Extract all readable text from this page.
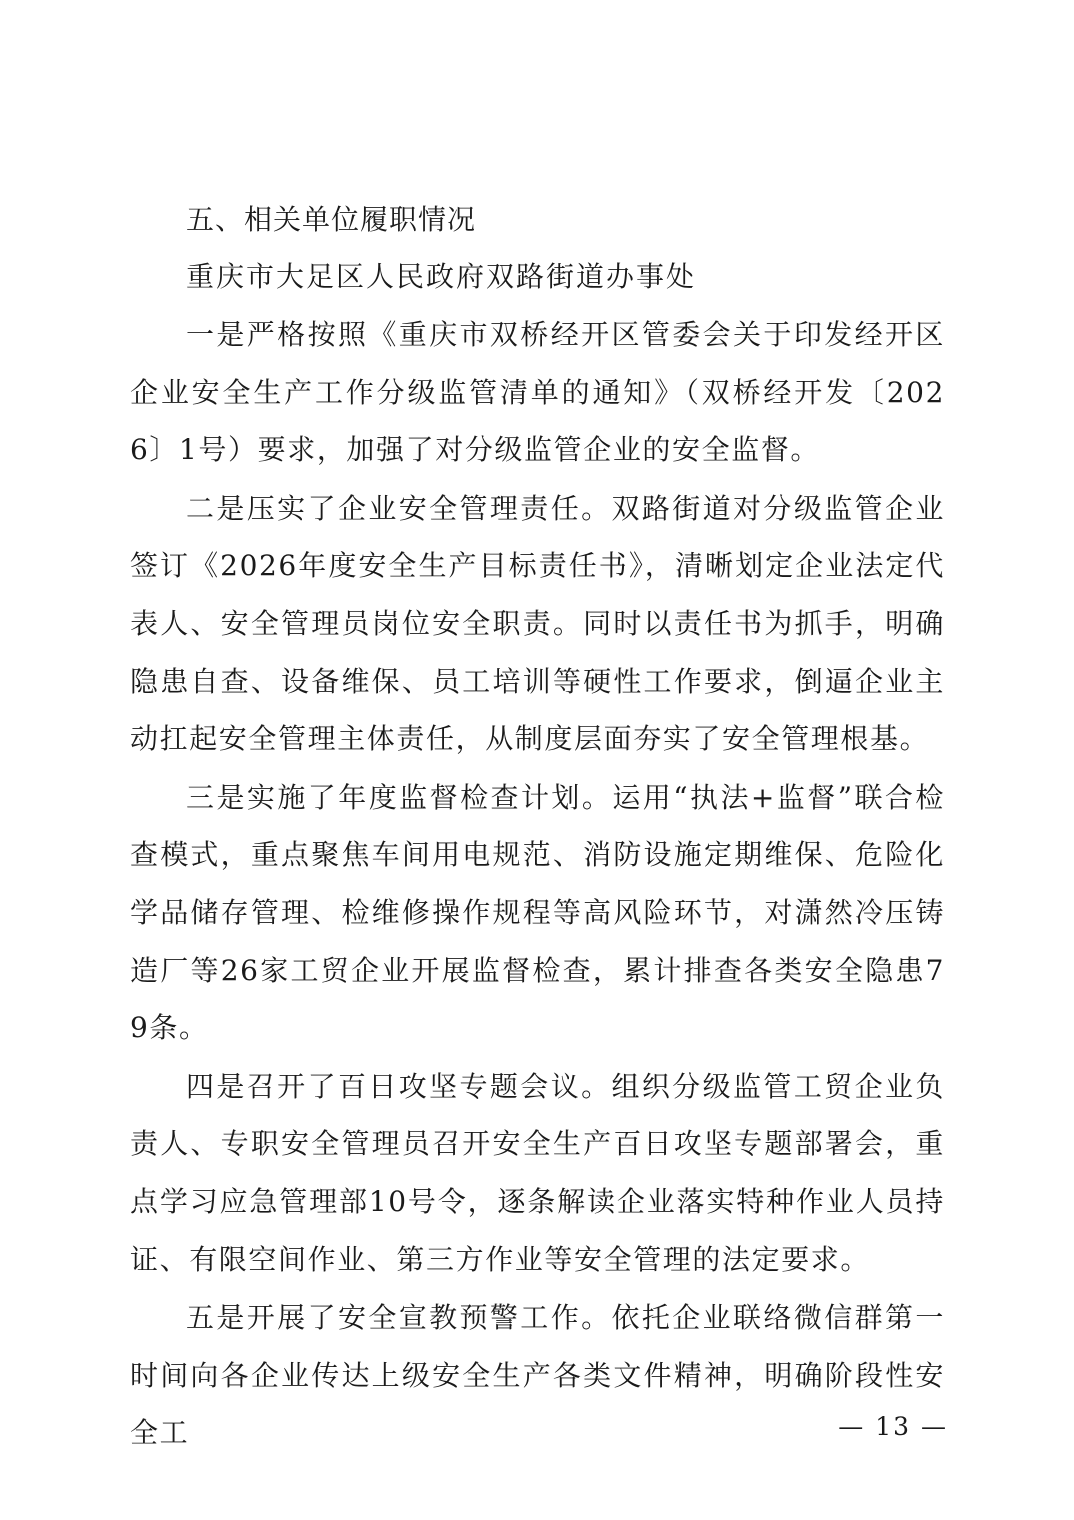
五、相关单位履职情况

重庆市大足区人民政府双路街道办事处

一是严格按照《重庆市双桥经开区管委会关于印发经开区企业安全生产工作分级监管清单的通知》（双桥经开发〔2026〕1号）要求，加强了对分级监管企业的安全监督。

二是压实了企业安全管理责任。双路街道对分级监管企业签订《2026年度安全生产目标责任书》，清晰划定企业法定代表人、安全管理员岗位安全职责。同时以责任书为抓手，明确隐患自查、设备维保、员工培训等硬性工作要求，倒逼企业主动扛起安全管理主体责任，从制度层面夯实了安全管理根基。

三是实施了年度监督检查计划。运用“执法+监督”联合检查模式，重点聚焦车间用电规范、消防设施定期维保、危险化学品储存管理、检维修操作规程等高风险环节，对潇然冷压铸造厂等26家工贸企业开展监督检查，累计排查各类安全隐患79条。

四是召开了百日攻坚专题会议。组织分级监管工贸企业负责人、专职安全管理员召开安全生产百日攻坚专题部署会，重点学习应急管理部10号令，逐条解读企业落实特种作业人员持证、有限空间作业、第三方作业等安全管理的法定要求。

五是开展了安全宣教预警工作。依托企业联络微信群第一时间向各企业传达上级安全生产各类文件精神，明确阶段性安全工	— 13 —
